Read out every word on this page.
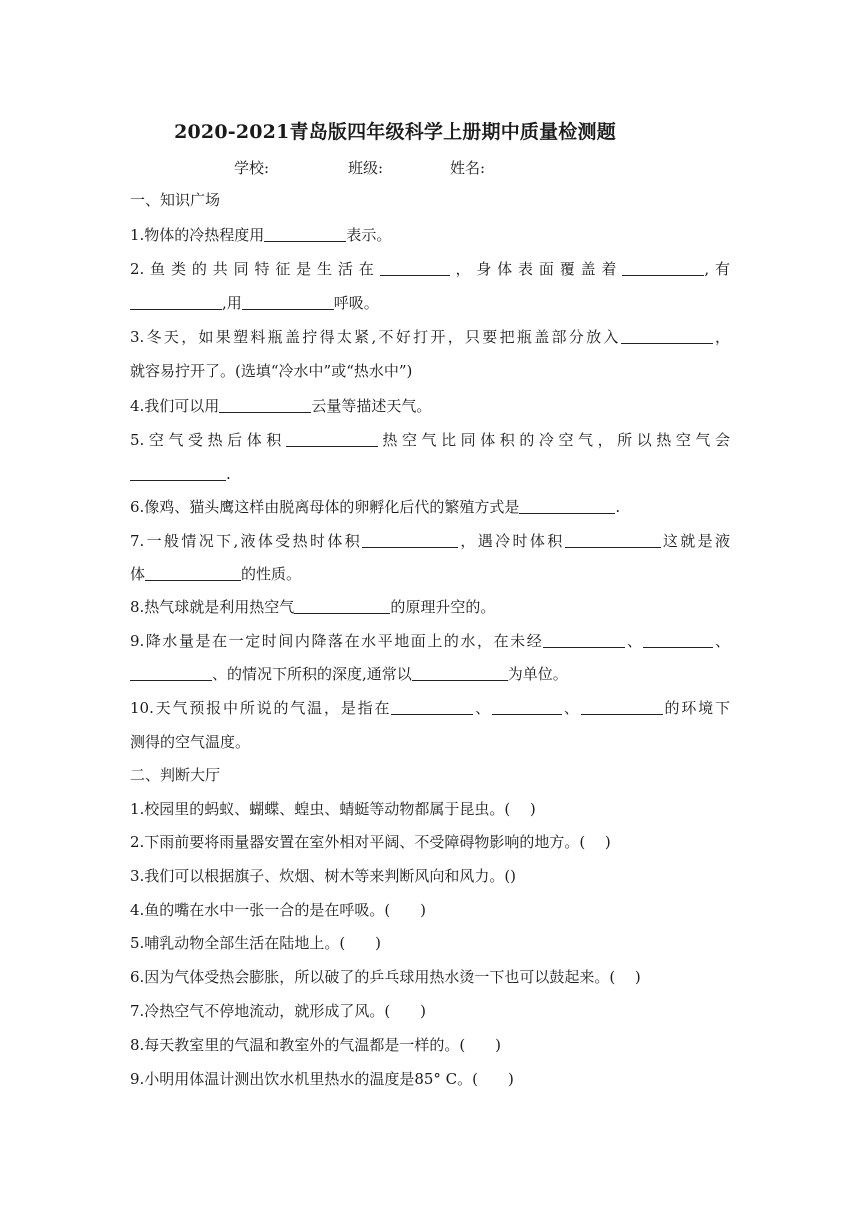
2020-2021青岛版四年级科学上册期中质量检测题
学校:	班级:	姓名:
一、知识广场
1.物体的冷热程度用	表示。
2.鱼类的共同特征是生活在	，身体表面覆盖着	,有
,用	呼吸。
3.冬天，如果塑料瓶盖拧得太紧,不好打开，只要把瓶盖部分放入	，
就容易拧开了。(选填“冷水中”或“热水中”)
4.我们可以用	云量等描述天气。
5.空气受热后体积	热空气比同体积的冷空气，所以热空气会
.
6.像鸡、猫头鹰这样由脱离母体的卵孵化后代的繁殖方式是	.
7.一般情况下,液体受热时体积	，遇冷时体积	这就是液
体	的性质。
8.热气球就是利用热空气	的原理升空的。
9.降水量是在一定时间内降落在水平地面上的水，在未经	、	、
、的情况下所积的深度,通常以	为单位。
10.天气预报中所说的气温，是指在	、	、	的环境下
测得的空气温度。
二、判断大厅
1.校园里的蚂蚁、蝴蝶、蝗虫、蜻蜓等动物都属于昆虫。(　 )
2.下雨前要将雨量器安置在室外相对平阔、不受障碍物影响的地方。(　 )
3.我们可以根据旗子、炊烟、树木等来判断风向和风力。()
4.鱼的嘴在水中一张一合的是在呼吸。(　　)
5.哺乳动物全部生活在陆地上。(　　)
6.因为气体受热会膨胀，所以破了的乒乓球用热水烫一下也可以鼓起来。(　 )
7.冷热空气不停地流动，就形成了风。(　　)
8.每天教室里的气温和教室外的气温都是一样的。(　　)
9.小明用体温计测出饮水机里热水的温度是85° C。(　　)
